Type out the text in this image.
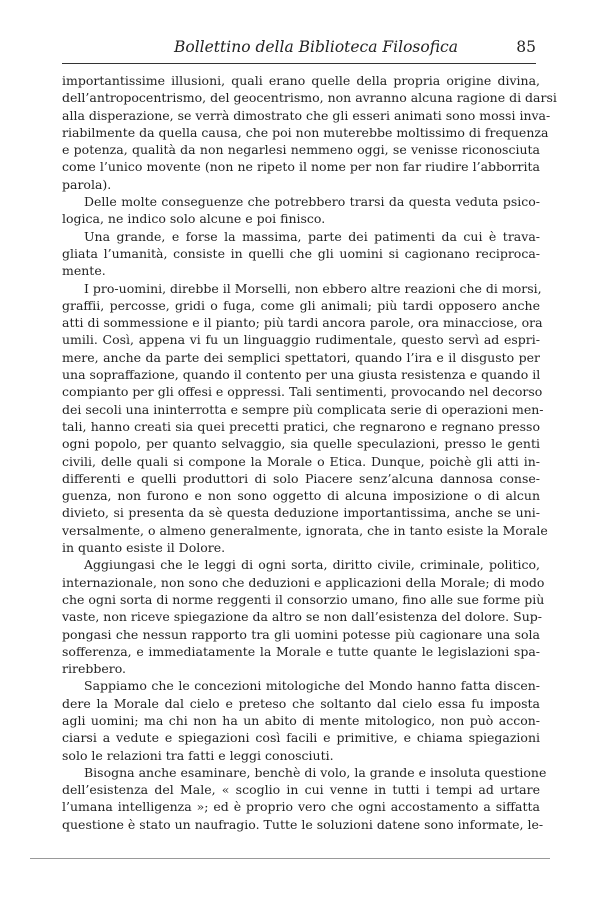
Bollettino della Biblioteca Filosofica	85
importantissime illusioni, quali erano quelle della propria origine divina,
dell’antropocentrismo, del geocentrismo, non avranno alcuna ragione di darsi
alla disperazione, se verrà dimostrato che gli esseri animati sono mossi inva-
riabilmente da quella causa, che poi non muterebbe moltissimo di frequenza
e potenza, qualità da non negarlesi nemmeno oggi, se venisse riconosciuta
come l’unico movente (non ne ripeto il nome per non far riudire l’abborrita
parola).
Delle molte conseguenze che potrebbero trarsi da questa veduta psico-
logica, ne indico solo alcune e poi finisco.
Una grande, e forse la massima, parte dei patimenti da cui è trava-
gliata l’umanità, consiste in quelli che gli uomini si cagionano reciproca-
mente.
I pro-uomini, direbbe il Morselli, non ebbero altre reazioni che di morsi,
graffii, percosse, gridi o fuga, come gli animali; più tardi opposero anche
atti di sommessione e il pianto; più tardi ancora parole, ora minacciose, ora
umili. Così, appena vi fu un linguaggio rudimentale, questo servì ad espri-
mere, anche da parte dei semplici spettatori, quando l’ira e il disgusto per
una sopraffazione, quando il contento per una giusta resistenza e quando il
compianto per gli offesi e oppressi. Tali sentimenti, provocando nel decorso
dei secoli una ininterrotta e sempre più complicata serie di operazioni men-
tali, hanno creati sia quei precetti pratici, che regnarono e regnano presso
ogni popolo, per quanto selvaggio, sia quelle speculazioni, presso le genti
civili, delle quali si compone la Morale o Etica. Dunque, poichè gli atti in-
differenti e quelli produttori di solo Piacere senz’alcuna dannosa conse-
guenza, non furono e non sono oggetto di alcuna imposizione o di alcun
divieto, si presenta da sè questa deduzione importantissima, anche se uni-
versalmente, o almeno generalmente, ignorata, che in tanto esiste la Morale
in quanto esiste il Dolore.
Aggiungasi che le leggi di ogni sorta, diritto civile, criminale, politico,
internazionale, non sono che deduzioni e applicazioni della Morale; di modo
che ogni sorta di norme reggenti il consorzio umano, fino alle sue forme più
vaste, non riceve spiegazione da altro se non dall’esistenza del dolore. Sup-
pongasi che nessun rapporto tra gli uomini potesse più cagionare una sola
sofferenza, e immediatamente la Morale e tutte quante le legislazioni spa-
rirebbero.
Sappiamo che le concezioni mitologiche del Mondo hanno fatta discen-
dere la Morale dal cielo e preteso che soltanto dal cielo essa fu imposta
agli uomini; ma chi non ha un abito di mente mitologico, non può accon-
ciarsi a vedute e spiegazioni così facili e primitive, e chiama spiegazioni
solo le relazioni tra fatti e leggi conosciuti.
Bisogna anche esaminare, benchè di volo, la grande e insoluta questione
dell’esistenza del Male, « scoglio in cui venne in tutti i tempi ad urtare
l’umana intelligenza »; ed è proprio vero che ogni accostamento a siffatta
questione è stato un naufragio. Tutte le soluzioni datene sono informate, le-
